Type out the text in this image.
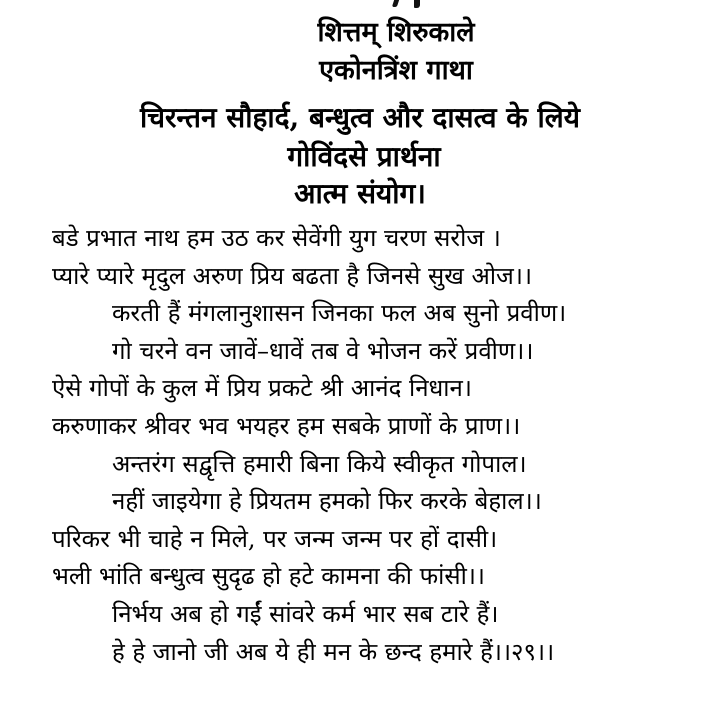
शित्तम् शिरुकाले
एकोनत्रिंश गाथा
चिरन्तन सौहार्द, बन्धुत्व और दासत्व के लिये
गोविंदसे प्रार्थना
आत्म संयोग।
बडे प्रभात नाथ हम उठ कर सेवेंगी युग चरण सरोज ।
प्यारे प्यारे मृदुल अरुण प्रिय बढता है जिनसे सुख ओज।।
करती हैं मंगलानुशासन जिनका फल अब सुनो प्रवीण।
गो चरने वन जावें–धावें तब वे भोजन करें प्रवीण।।
ऐसे गोपों के कुल में प्रिय प्रकटे श्री आनंद निधान।
करुणाकर श्रीवर भव भयहर हम सबके प्राणों के प्राण।।
अन्तरंग सद्वृत्ति हमारी बिना किये स्वीकृत गोपाल।
नहीं जाइयेगा हे प्रियतम हमको फिर करके बेहाल।।
परिकर भी चाहे न मिले, पर जन्म जन्म पर हों दासी।
भली भांति बन्धुत्व सुदृढ हो हटे कामना की फांसी।।
निर्भय अब हो गईं सांवरे कर्म भार सब टारे हैं।
हे हे जानो जी अब ये ही मन के छन्द हमारे हैं।।२९।।
